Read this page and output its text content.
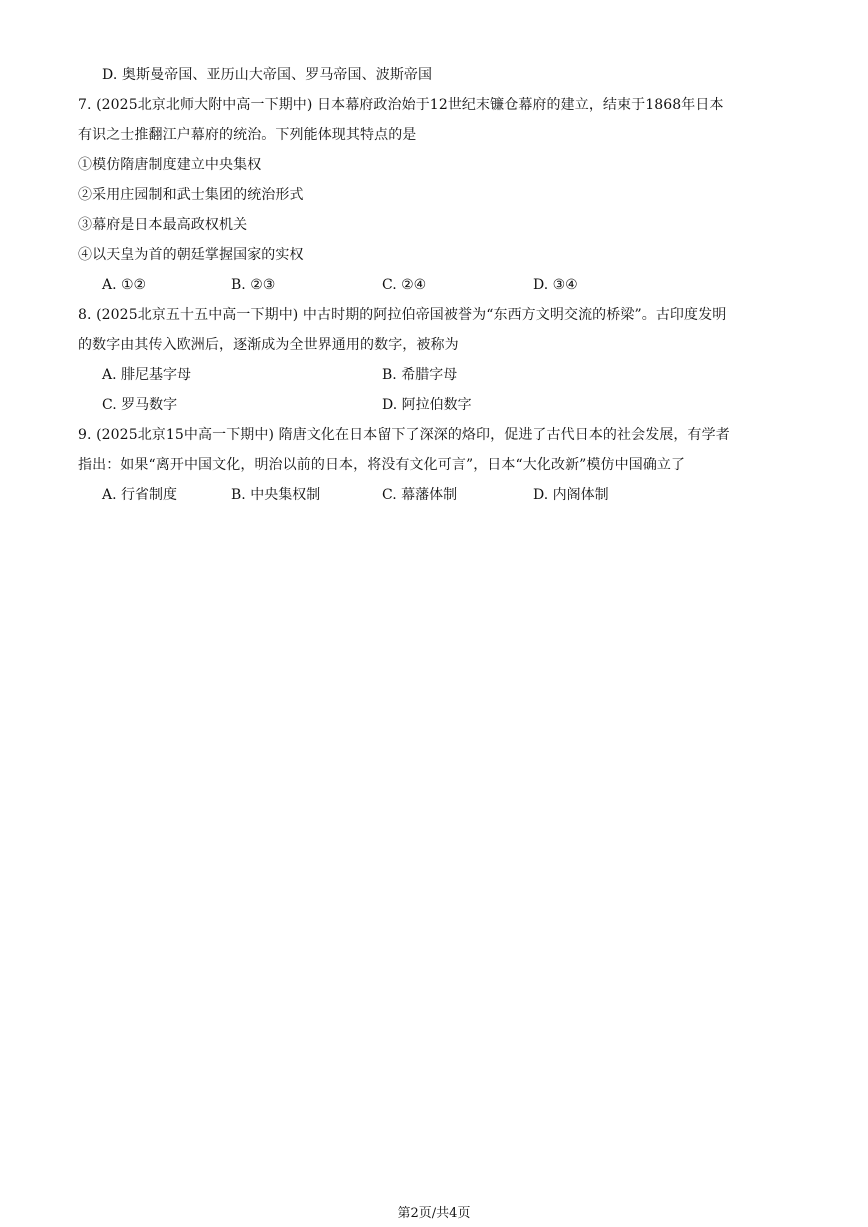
D. 奥斯曼帝国、亚历山大帝国、罗马帝国、波斯帝国
7. (2025北京北师大附中高一下期中) 日本幕府政治始于12世纪末镰仓幕府的建立，结束于1868年日本
有识之士推翻江户幕府的统治。下列能体现其特点的是
①模仿隋唐制度建立中央集权
②采用庄园制和武士集团的统治形式
③幕府是日本最高政权机关
④以天皇为首的朝廷掌握国家的实权
A. ①②	B. ②③	C. ②④	D. ③④
8. (2025北京五十五中高一下期中) 中古时期的阿拉伯帝国被誉为“东西方文明交流的桥梁”。古印度发明
的数字由其传入欧洲后，逐渐成为全世界通用的数字，被称为
A. 腓尼基字母	B. 希腊字母
C. 罗马数字	D. 阿拉伯数字
9. (2025北京15中高一下期中) 隋唐文化在日本留下了深深的烙印，促进了古代日本的社会发展，有学者
指出：如果“离开中国文化，明治以前的日本，将没有文化可言”，日本“大化改新”模仿中国确立了
A. 行省制度	B. 中央集权制	C. 幕藩体制	D. 内阁体制
第2页/共4页
